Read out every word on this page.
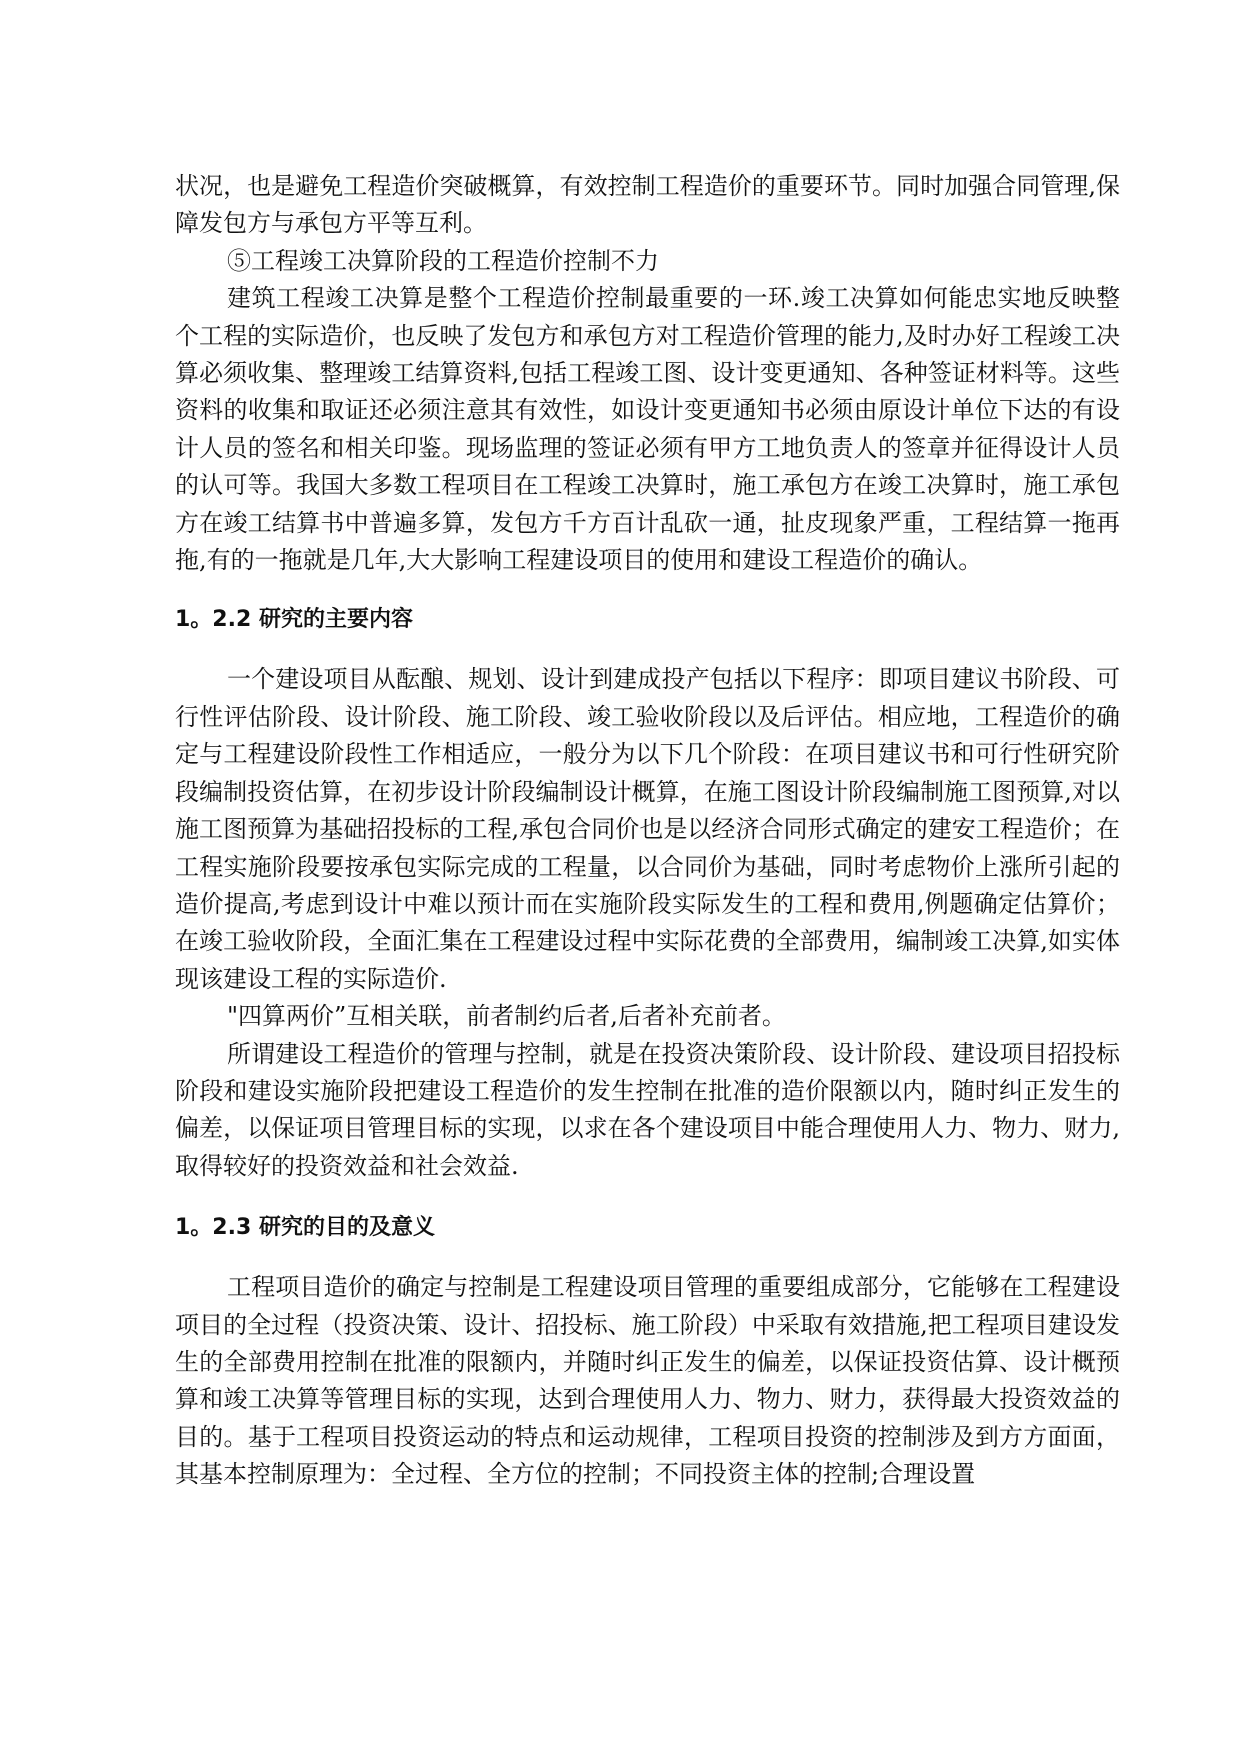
状况，也是避免工程造价突破概算，有效控制工程造价的重要环节。同时加强合同管理,保障发包方与承包方平等互利。

⑤工程竣工决算阶段的工程造价控制不力

建筑工程竣工决算是整个工程造价控制最重要的一环.竣工决算如何能忠实地反映整个工程的实际造价，也反映了发包方和承包方对工程造价管理的能力,及时办好工程竣工决算必须收集、整理竣工结算资料,包括工程竣工图、设计变更通知、各种签证材料等。这些资料的收集和取证还必须注意其有效性，如设计变更通知书必须由原设计单位下达的有设计人员的签名和相关印鉴。现场监理的签证必须有甲方工地负责人的签章并征得设计人员的认可等。我国大多数工程项目在工程竣工决算时，施工承包方在竣工决算时，施工承包方在竣工结算书中普遍多算，发包方千方百计乱砍一通，扯皮现象严重，工程结算一拖再拖,有的一拖就是几年,大大影响工程建设项目的使用和建设工程造价的确认。

1。2.2 研究的主要内容

一个建设项目从酝酿、规划、设计到建成投产包括以下程序：即项目建议书阶段、可行性评估阶段、设计阶段、施工阶段、竣工验收阶段以及后评估。相应地，工程造价的确定与工程建设阶段性工作相适应，一般分为以下几个阶段：在项目建议书和可行性研究阶段编制投资估算，在初步设计阶段编制设计概算，在施工图设计阶段编制施工图预算,对以施工图预算为基础招投标的工程,承包合同价也是以经济合同形式确定的建安工程造价；在工程实施阶段要按承包实际完成的工程量，以合同价为基础，同时考虑物价上涨所引起的造价提高,考虑到设计中难以预计而在实施阶段实际发生的工程和费用,例题确定估算价；在竣工验收阶段，全面汇集在工程建设过程中实际花费的全部费用，编制竣工决算,如实体现该建设工程的实际造价.

"四算两价”互相关联，前者制约后者,后者补充前者。

所谓建设工程造价的管理与控制，就是在投资决策阶段、设计阶段、建设项目招投标阶段和建设实施阶段把建设工程造价的发生控制在批准的造价限额以内，随时纠正发生的偏差，以保证项目管理目标的实现，以求在各个建设项目中能合理使用人力、物力、财力,取得较好的投资效益和社会效益.

1。2.3 研究的目的及意义

工程项目造价的确定与控制是工程建设项目管理的重要组成部分，它能够在工程建设项目的全过程（投资决策、设计、招投标、施工阶段）中采取有效措施,把工程项目建设发生的全部费用控制在批准的限额内，并随时纠正发生的偏差，以保证投资估算、设计概预算和竣工决算等管理目标的实现，达到合理使用人力、物力、财力，获得最大投资效益的目的。基于工程项目投资运动的特点和运动规律，工程项目投资的控制涉及到方方面面，其基本控制原理为：全过程、全方位的控制；不同投资主体的控制;合理设置
